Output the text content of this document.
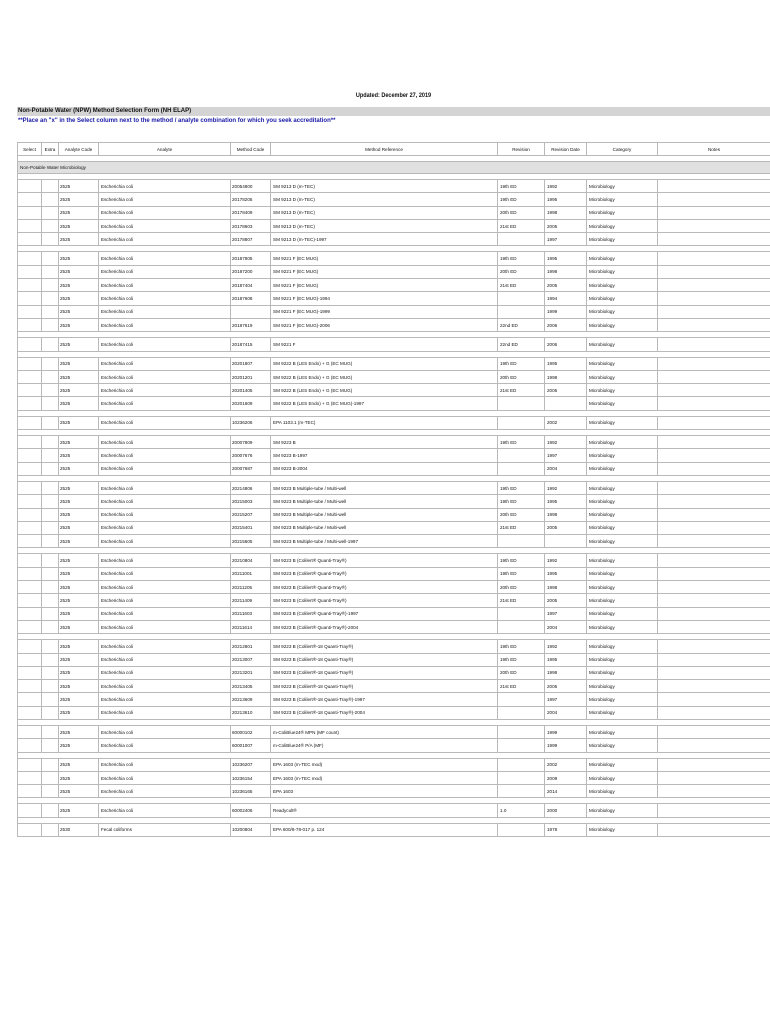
Updated: December 27, 2019
Non-Potable Water (NPW) Method Selection Form (NH ELAP)
**Place an "x" in the Select column next to the method / analyte combination for which you seek accreditation**
Select	Extra	Analyte Code	Analyte	Method Code	Method Reference	Revision	Revision Date	Category	Notes

Non-Potable Water Microbiology									

		2525	Escherichia coli	20054800	SM 9213 D (m-TEC)	19th ED	1992	Microbiology	
		2525	Escherichia coli	20178205	SM 9213 D (m-TEC)	19th ED	1995	Microbiology	
		2525	Escherichia coli	20178409	SM 9213 D (m-TEC)	20th ED	1998	Microbiology	
		2525	Escherichia coli	20178603	SM 9213 D (m-TEC)	21st ED	2005	Microbiology	
		2525	Escherichia coli	20178807	SM 9213 D (m-TEC)-1997		1997	Microbiology	

		2525	Escherichia coli	20187805	SM 9221 F (EC MUG)	19th ED	1995	Microbiology	
		2525	Escherichia coli	20187200	SM 9221 F (EC MUG)	20th ED	1998	Microbiology	
		2525	Escherichia coli	20187404	SM 9221 F (EC MUG)	21st ED	2005	Microbiology	
		2525	Escherichia coli	20187608	SM 9221 F (EC MUG)-1994		1994	Microbiology	
		2525	Escherichia coli		SM 9221 F (EC MUG)-1999		1999	Microbiology	
		2525	Escherichia coli	20187619	SM 9221 F (EC MUG)-2006	22nd ED	2006	Microbiology	

		2525	Escherichia coli	20187415	SM 9221 F	22nd ED	2006	Microbiology	

		2525	Escherichia coli	20201807	SM 9222 B (LES Endo) + G (EC MUG)	19th ED	1995	Microbiology	
		2525	Escherichia coli	20201201	SM 9222 B (LES Endo) + G (EC MUG)	20th ED	1998	Microbiology	
		2525	Escherichia coli	20201405	SM 9222 B (LES Endo) + G (EC MUG)	21st ED	2005	Microbiology	
		2525	Escherichia coli	20201609	SM 9222 B (LES Endo) + G (EC MUG)-1997			Microbiology	

		2525	Escherichia coli	10236206	EPA 1103.1 (m-TEC)		2002	Microbiology	

		2525	Escherichia coli	20007809	SM 9223 B	19th ED	1992	Microbiology	
		2525	Escherichia coli	20007676	SM 9223 B-1997		1997	Microbiology	
		2525	Escherichia coli	20007687	SM 9223 B-2004		2004	Microbiology	

		2525	Escherichia coli	20214806	SM 9223 B Multiple-tube / Multi-well	19th ED	1992	Microbiology	
		2525	Escherichia coli	20215003	SM 9223 B Multiple-tube / Multi-well	19th ED	1995	Microbiology	
		2525	Escherichia coli	20215207	SM 9223 B Multiple-tube / Multi-well	20th ED	1998	Microbiology	
		2525	Escherichia coli	20215401	SM 9223 B Multiple-tube / Multi-well	21st ED	2005	Microbiology	
		2525	Escherichia coli	20215605	SM 9223 B Multiple-tube / Multi-well-1997			Microbiology	

		2525	Escherichia coli	20210804	SM 9223 B (Colilert® Quanti-Tray®)	19th ED	1992	Microbiology	
		2525	Escherichia coli	20211001	SM 9223 B (Colilert® Quanti-Tray®)	19th ED	1995	Microbiology	
		2525	Escherichia coli	20211205	SM 9223 B (Colilert® Quanti-Tray®)	20th ED	1998	Microbiology	
		2525	Escherichia coli	20211409	SM 9223 B (Colilert® Quanti-Tray®)	21st ED	2005	Microbiology	
		2525	Escherichia coli	20211603	SM 9223 B (Colilert® Quanti-Tray®)-1997		1997	Microbiology	
		2525	Escherichia coli	20211614	SM 9223 B (Colilert® Quanti-Tray®)-2004		2004	Microbiology	

		2525	Escherichia coli	20212801	SM 9223 B (Colilert®-18 Quanti-Tray®)	19th ED	1992	Microbiology	
		2525	Escherichia coli	20213007	SM 9223 B (Colilert®-18 Quanti-Tray®)	19th ED	1995	Microbiology	
		2525	Escherichia coli	20213201	SM 9223 B (Colilert®-18 Quanti-Tray®)	20th ED	1998	Microbiology	
		2525	Escherichia coli	20213405	SM 9223 B (Colilert®-18 Quanti-Tray®)	21st ED	2005	Microbiology	
		2525	Escherichia coli	20213609	SM 9223 B (Colilert®-18 Quanti-Tray®)-1997		1997	Microbiology	
		2525	Escherichia coli	20213610	SM 9223 B (Colilert®-18 Quanti-Tray®)-2004		2004	Microbiology	

		2525	Escherichia coli	60000102	m-ColiBlue24® MPN (MF count)		1999	Microbiology	
		2525	Escherichia coli	60001007	m-ColiBlue24® P/A (MF)		1999	Microbiology	

		2525	Escherichia coli	10236207	EPA 1603 (m-TEC mod)		2002	Microbiology	
		2525	Escherichia coli	10236154	EPA 1603 (m-TEC mod)		2009	Microbiology	
		2525	Escherichia coli	10236165	EPA 1603		2014	Microbiology	

		2525	Escherichia coli	60002406	Readycult®	1.0	2000	Microbiology	

		2530	Fecal coliforms	10200804	EPA 600/8-78-017 p. 124		1978	Microbiology	
